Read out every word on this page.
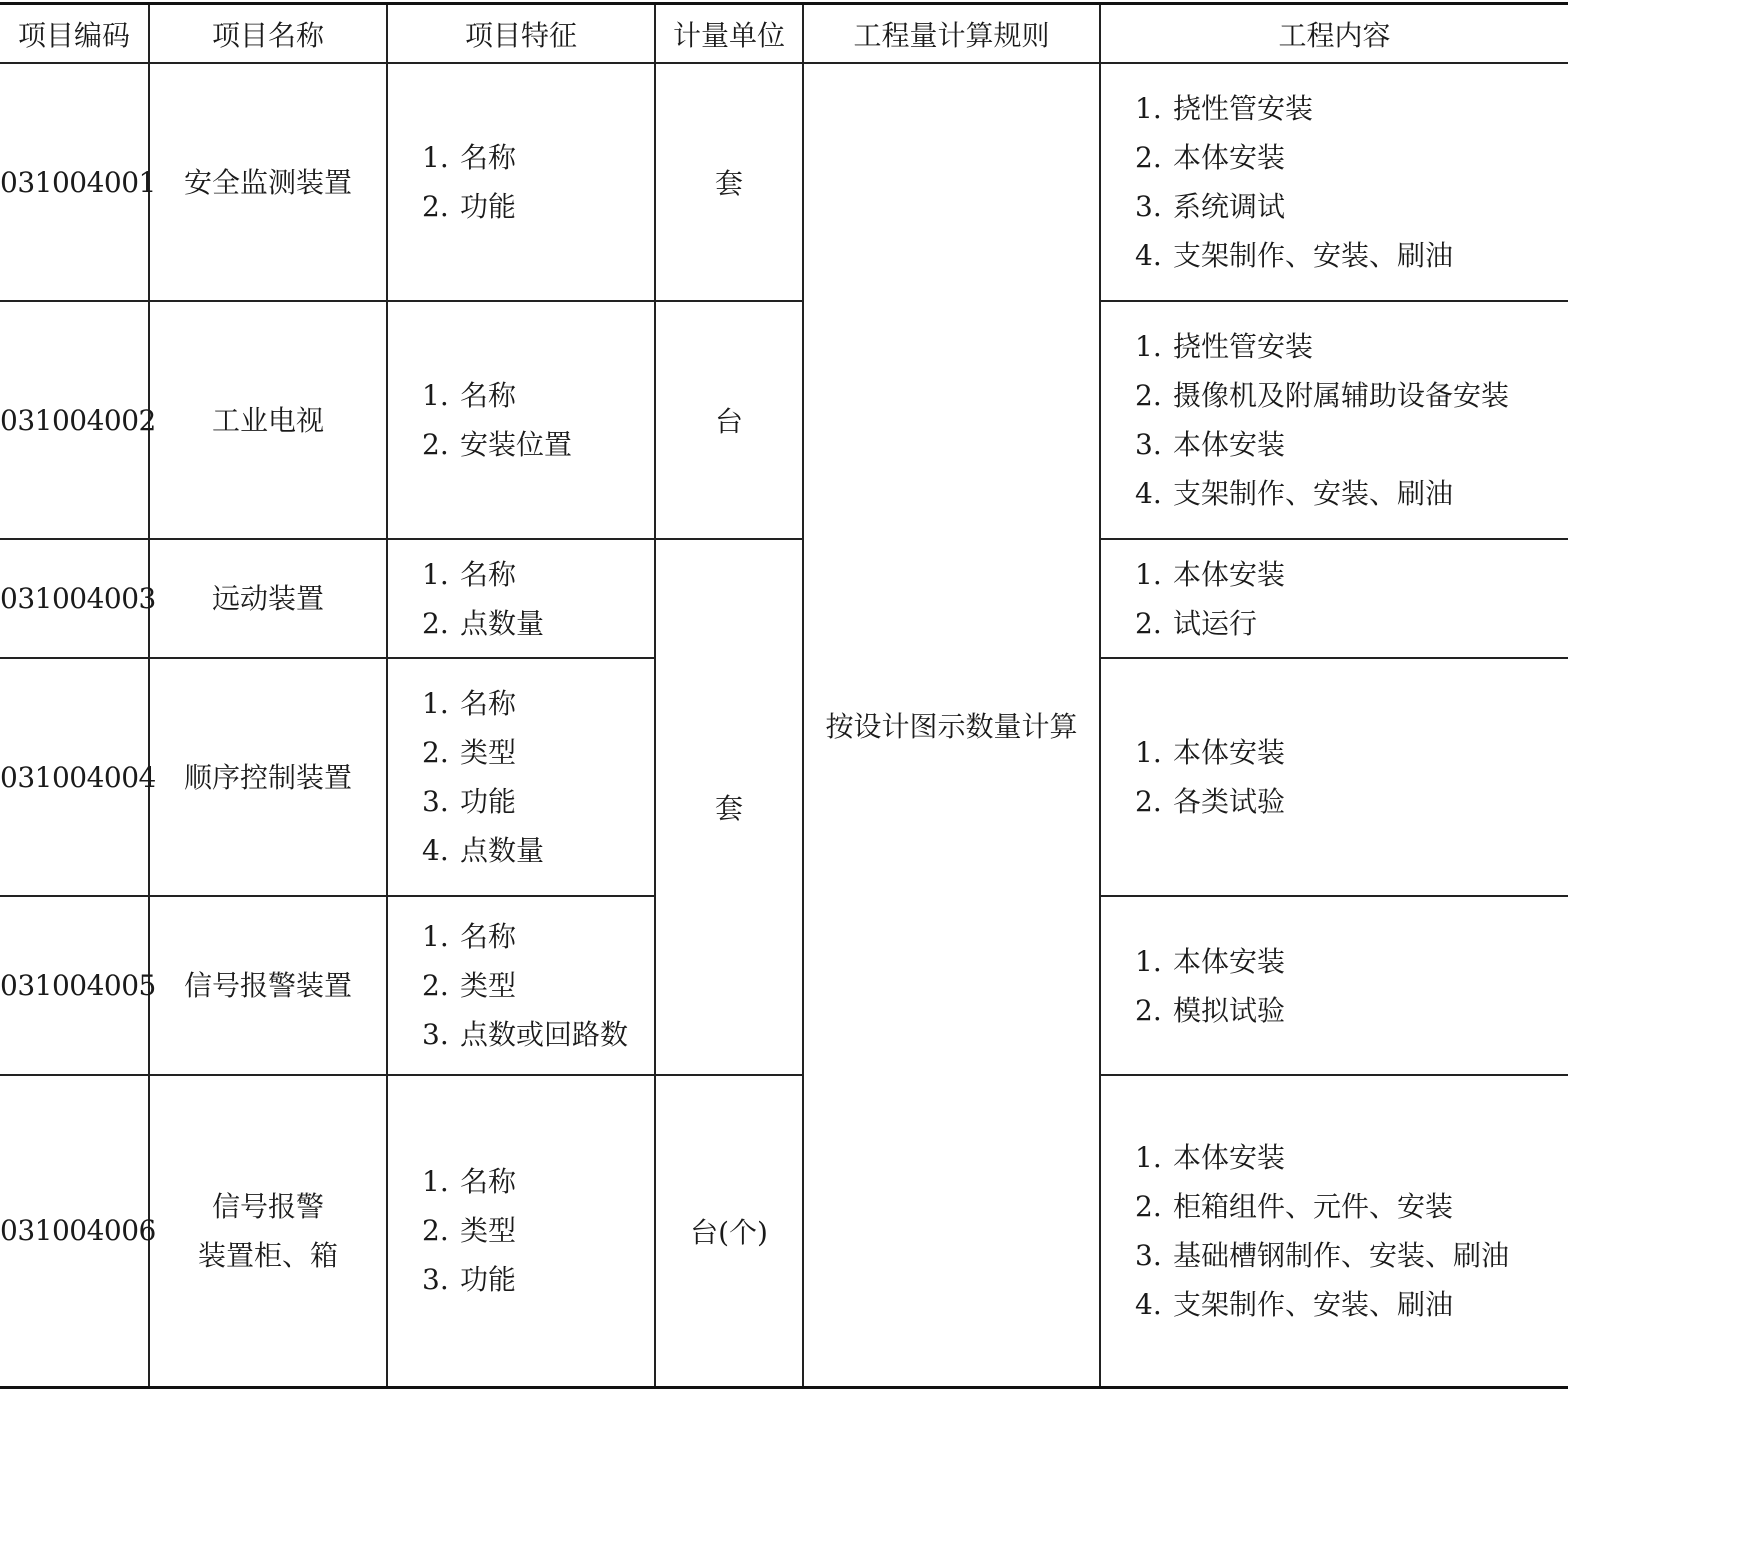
项目编码	项目名称	项目特征	计量单位	工程量计算规则	工程内容
031004001	安全监测装置	1. 名称
2. 功能	套	按设计图示数量计算	1. 挠性管安装
2. 本体安装
3. 系统调试
4. 支架制作、安装、刷油

031004002	工业电视	1. 名称
2. 安装位置	台		1. 挠性管安装
2. 摄像机及附属辅助设备安装
3. 本体安装
4. 支架制作、安装、刷油

031004003	远动装置	1. 名称
2. 点数量	套		1. 本体安装
2. 试运行

031004004	顺序控制装置	1. 名称
2. 类型
3. 功能
4. 点数量			1. 本体安装
2. 各类试验

031004005	信号报警装置	1. 名称
2. 类型
3. 点数或回路数			1. 本体安装
2. 模拟试验

031004006	信号报警
装置柜、箱	1. 名称
2. 类型
3. 功能	台(个)		1. 本体安装
2. 柜箱组件、元件、安装
3. 基础槽钢制作、安装、刷油
4. 支架制作、安装、刷油
